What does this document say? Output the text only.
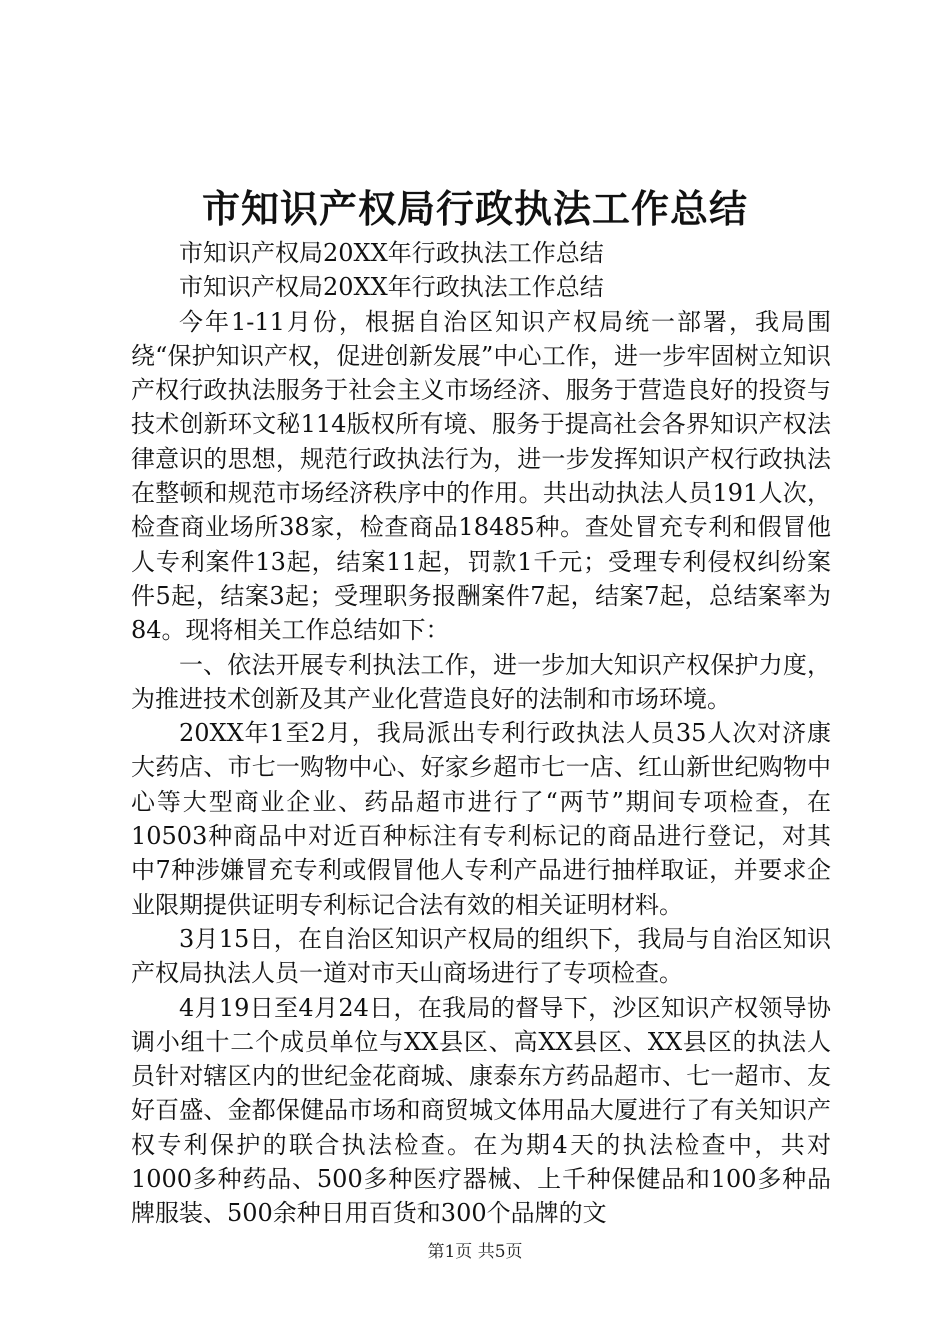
市知识产权局行政执法工作总结

市知识产权局20XX年行政执法工作总结

市知识产权局20XX年行政执法工作总结

今年1-11月份，根据自治区知识产权局统一部署，我局围绕“保护知识产权，促进创新发展”中心工作，进一步牢固树立知识产权行政执法服务于社会主义市场经济、服务于营造良好的投资与技术创新环文秘114版权所有境、服务于提高社会各界知识产权法律意识的思想，规范行政执法行为，进一步发挥知识产权行政执法在整顿和规范市场经济秩序中的作用。共出动执法人员191人次，检查商业场所38家，检查商品18485种。查处冒充专利和假冒他人专利案件13起，结案11起，罚款1千元；受理专利侵权纠纷案件5起，结案3起；受理职务报酬案件7起，结案7起，总结案率为84。现将相关工作总结如下：

一、依法开展专利执法工作，进一步加大知识产权保护力度，为推进技术创新及其产业化营造良好的法制和市场环境。

20XX年1至2月，我局派出专利行政执法人员35人次对济康大药店、市七一购物中心、好家乡超市七一店、红山新世纪购物中心等大型商业企业、药品超市进行了“两节”期间专项检查，在10503种商品中对近百种标注有专利标记的商品进行登记，对其中7种涉嫌冒充专利或假冒他人专利产品进行抽样取证，并要求企业限期提供证明专利标记合法有效的相关证明材料。

3月15日，在自治区知识产权局的组织下，我局与自治区知识产权局执法人员一道对市天山商场进行了专项检查。

4月19日至4月24日，在我局的督导下，沙区知识产权领导协调小组十二个成员单位与XX县区、高XX县区、XX县区的执法人员针对辖区内的世纪金花商城、康泰东方药品超市、七一超市、友好百盛、金都保健品市场和商贸城文体用品大厦进行了有关知识产权专利保护的联合执法检查。在为期4天的执法检查中，共对1000多种药品、500多种医疗器械、上千种保健品和100多种品牌服装、500余种日用百货和300个品牌的文

第1页 共5页
